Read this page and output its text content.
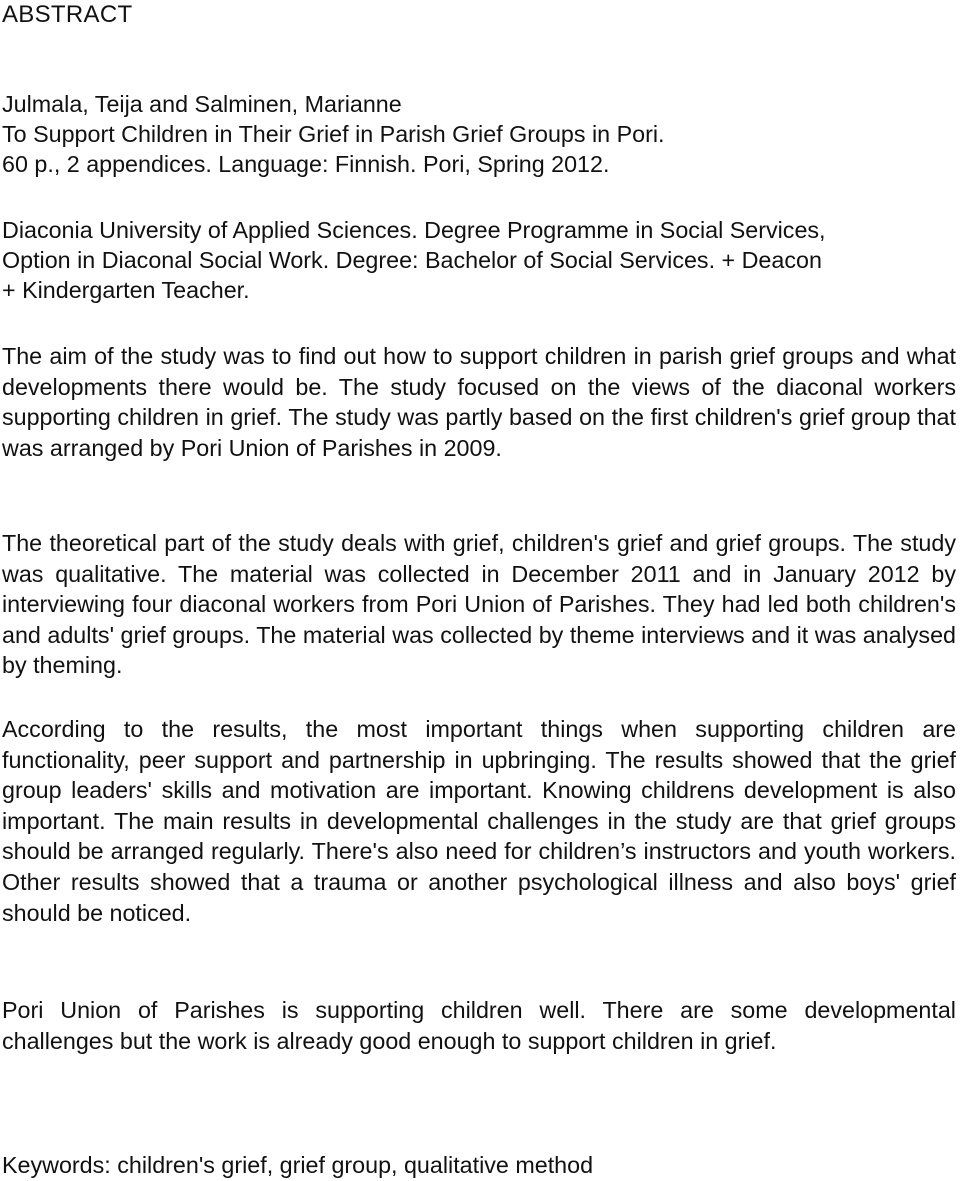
ABSTRACT
Julmala, Teija and Salminen, Marianne
To Support Children in Their Grief in Parish Grief Groups in Pori.
60 p., 2 appendices. Language: Finnish. Pori, Spring 2012.
Diaconia University of Applied Sciences. Degree Programme in Social Services,
Option in Diaconal Social Work. Degree: Bachelor of Social Services. + Deacon
+ Kindergarten Teacher.

The aim of the study was to find out how to support children in parish grief groups and what developments there would be. The study focused on the views of the diaconal workers supporting children in grief. The study was partly based on the first children's grief group that was arranged by Pori Union of Parishes in 2009.

The theoretical part of the study deals with grief, children's grief and grief groups. The study was qualitative. The material was collected in December 2011 and in January 2012 by interviewing four diaconal workers from Pori Union of Parishes. They had led both children's and adults' grief groups. The material was collected by theme interviews and it was analysed by theming.

According to the results, the most important things when supporting children are functionality, peer support and partnership in upbringing. The results showed that the grief group leaders' skills and motivation are important. Knowing childrens development is also important. The main results in developmental challenges in the study are that grief groups should be arranged regularly. There's also need for children’s instructors and youth workers. Other results showed that a trauma or another psychological illness and also boys' grief should be noticed.

Pori Union of Parishes is supporting children well. There are some developmental challenges but the work is already good enough to support children in grief.

Keywords: children's grief, grief group, qualitative method
